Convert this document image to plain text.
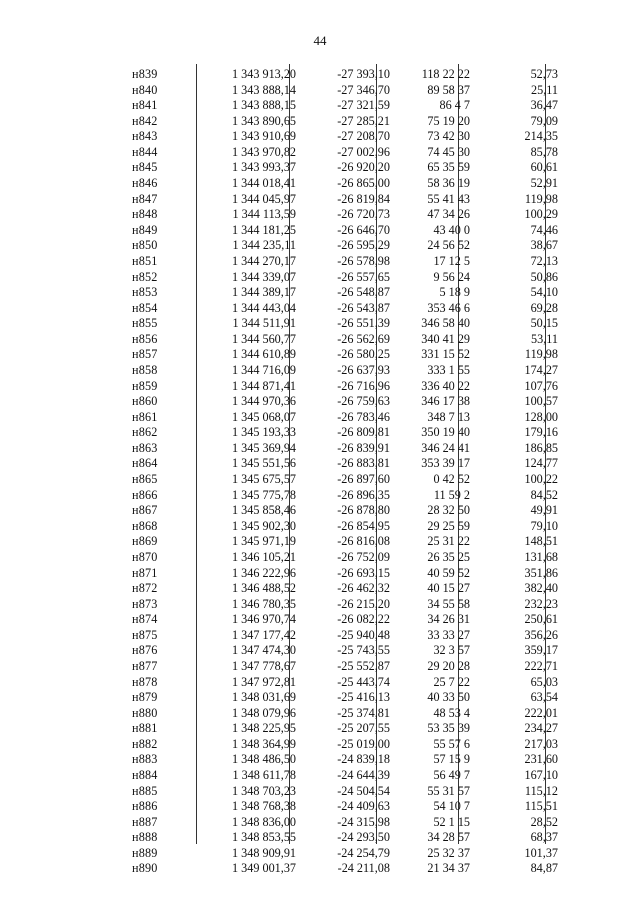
44
н839	1 343 913,20	-27 393,10	118 22 22	52,73
н840	1 343 888,14	-27 346,70	89 58 37	25,11
н841	1 343 888,15	-27 321,59	86 4 7	36,47
н842	1 343 890,65	-27 285,21	75 19 20	79,09
н843	1 343 910,69	-27 208,70	73 42 30	214,35
н844	1 343 970,82	-27 002,96	74 45 30	85,78
н845	1 343 993,37	-26 920,20	65 35 59	60,61
н846	1 344 018,41	-26 865,00	58 36 19	52,91
н847	1 344 045,97	-26 819,84	55 41 43	119,98
н848	1 344 113,59	-26 720,73	47 34 26	100,29
н849	1 344 181,25	-26 646,70	43 40 0	74,46
н850	1 344 235,11	-26 595,29	24 56 52	38,67
н851	1 344 270,17	-26 578,98	17 12 5	72,13
н852	1 344 339,07	-26 557,65	9 56 24	50,86
н853	1 344 389,17	-26 548,87	5 18 9	54,10
н854	1 344 443,04	-26 543,87	353 46 6	69,28
н855	1 344 511,91	-26 551,39	346 58 40	50,15
н856	1 344 560,77	-26 562,69	340 41 29	53,11
н857	1 344 610,89	-26 580,25	331 15 52	119,98
н858	1 344 716,09	-26 637,93	333 1 55	174,27
н859	1 344 871,41	-26 716,96	336 40 22	107,76
н860	1 344 970,36	-26 759,63	346 17 38	100,57
н861	1 345 068,07	-26 783,46	348 7 13	128,00
н862	1 345 193,33	-26 809,81	350 19 40	179,16
н863	1 345 369,94	-26 839,91	346 24 41	186,85
н864	1 345 551,56	-26 883,81	353 39 17	124,77
н865	1 345 675,57	-26 897,60	0 42 52	100,22
н866	1 345 775,78	-26 896,35	11 59 2	84,52
н867	1 345 858,46	-26 878,80	28 32 50	49,91
н868	1 345 902,30	-26 854,95	29 25 59	79,10
н869	1 345 971,19	-26 816,08	25 31 22	148,51
н870	1 346 105,21	-26 752,09	26 35 25	131,68
н871	1 346 222,96	-26 693,15	40 59 52	351,86
н872	1 346 488,52	-26 462,32	40 15 27	382,40
н873	1 346 780,35	-26 215,20	34 55 58	232,23
н874	1 346 970,74	-26 082,22	34 26 31	250,61
н875	1 347 177,42	-25 940,48	33 33 27	356,26
н876	1 347 474,30	-25 743,55	32 3 57	359,17
н877	1 347 778,67	-25 552,87	29 20 28	222,71
н878	1 347 972,81	-25 443,74	25 7 22	65,03
н879	1 348 031,69	-25 416,13	40 33 50	63,54
н880	1 348 079,96	-25 374,81	48 53 4	222,01
н881	1 348 225,95	-25 207,55	53 35 39	234,27
н882	1 348 364,99	-25 019,00	55 57 6	217,03
н883	1 348 486,50	-24 839,18	57 15 9	231,60
н884	1 348 611,78	-24 644,39	56 49 7	167,10
н885	1 348 703,23	-24 504,54	55 31 57	115,12
н886	1 348 768,38	-24 409,63	54 10 7	115,51
н887	1 348 836,00	-24 315,98	52 1 15	28,52
н888	1 348 853,55	-24 293,50	34 28 57	68,37
н889	1 348 909,91	-24 254,79	25 32 37	101,37
н890	1 349 001,37	-24 211,08	21 34 37	84,87
